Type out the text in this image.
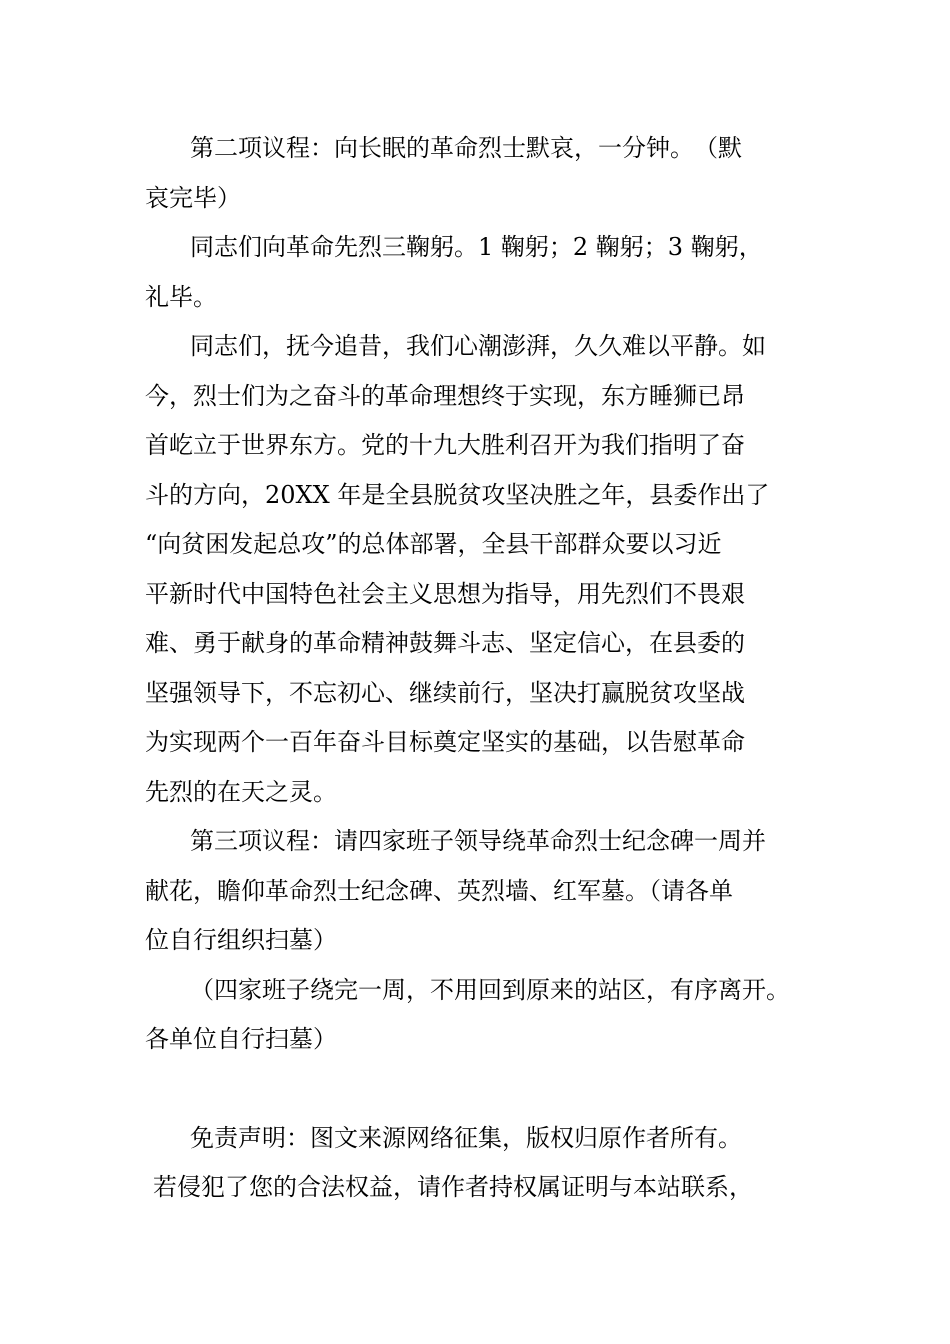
第二项议程：向长眠的革命烈士默哀，一分钟。　（默
哀完毕）

同志们向革命先烈三鞠躬。1 鞠躬；2 鞠躬；3 鞠躬，
礼毕。

同志们，抚今追昔，我们心潮澎湃，久久难以平静。如
今，烈士们为之奋斗的革命理想终于实现，东方睡狮已昂
首屹立于世界东方。党的十九大胜利召开为我们指明了奋
斗的方向，20XX 年是全县脱贫攻坚决胜之年，县委作出了
“向贫困发起总攻”的总体部署，全县干部群众要以习近
平新时代中国特色社会主义思想为指导，用先烈们不畏艰
难、勇于献身的革命精神鼓舞斗志、坚定信心，在县委的
坚强领导下，不忘初心、继续前行，坚决打赢脱贫攻坚战
为实现两个一百年奋斗目标奠定坚实的基础，以告慰革命
先烈的在天之灵。

第三项议程：请四家班子领导绕革命烈士纪念碑一周并
献花，瞻仰革命烈士纪念碑、英烈墙、红军墓。（请各单
位自行组织扫墓）

（四家班子绕完一周，不用回到原来的站区，有序离开。
各单位自行扫墓）

免责声明：图文来源网络征集，版权归原作者所有。
若侵犯了您的合法权益，请作者持权属证明与本站联系，
